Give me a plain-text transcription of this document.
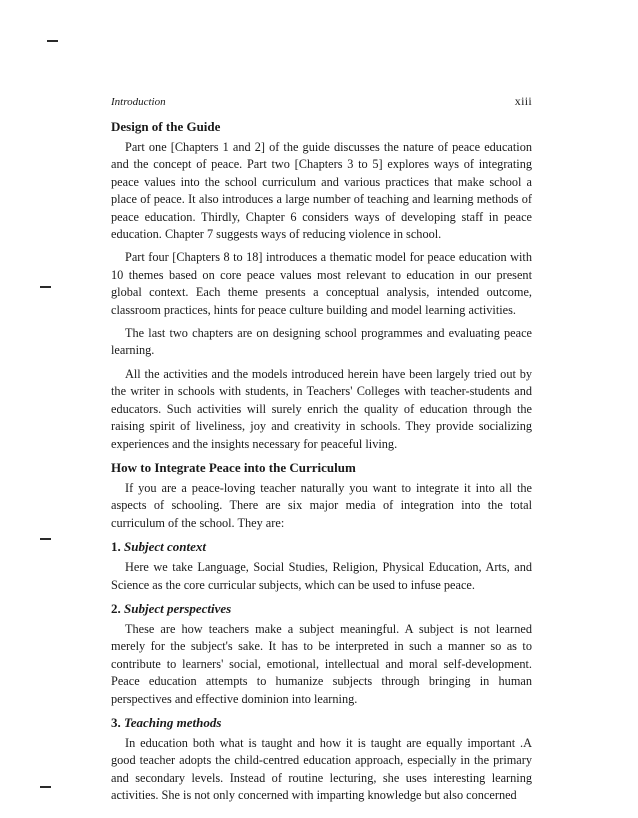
Introduction	xiii
Design of the Guide

Part one [Chapters 1 and 2] of the guide discusses the nature of peace education and the concept of peace. Part two [Chapters 3 to 5] explores ways of integrating peace values into the school curriculum and various practices that make school a place of peace. It also introduces a large number of teaching and learning methods of peace education. Thirdly, Chapter 6 considers ways of developing staff in peace education. Chapter 7 suggests ways of reducing violence in school.

Part four [Chapters 8 to 18] introduces a thematic model for peace education with 10 themes based on core peace values most relevant to education in our present global context. Each theme presents a conceptual analysis, intended outcome, classroom practices, hints for peace culture building and model learning activities.

The last two chapters are on designing school programmes and evaluating peace learning.

All the activities and the models introduced herein have been largely tried out by the writer in schools with students, in Teachers' Colleges with teacher-students and educators. Such activities will surely enrich the quality of education through the raising spirit of liveliness, joy and creativity in schools. They provide socializing experiences and the insights necessary for peaceful living.

How to Integrate Peace into the Curriculum

If you are a peace-loving teacher naturally you want to integrate it into all the aspects of schooling. There are six major media of integration into the total curriculum of the school. They are:

1. Subject context

Here we take Language, Social Studies, Religion, Physical Education, Arts, and Science as the core curricular subjects, which can be used to infuse peace.

2. Subject perspectives

These are how teachers make a subject meaningful. A subject is not learned merely for the subject's sake. It has to be interpreted in such a manner so as to contribute to learners' social, emotional, intellectual and moral self-development. Peace education attempts to humanize subjects through bringing in human perspectives and effective dominion into learning.

3. Teaching methods

In education both what is taught and how it is taught are equally important .A good teacher adopts the child-centred education approach, especially in the primary and secondary levels. Instead of routine lecturing, she uses interesting learning activities. She is not only concerned with imparting knowledge but also concerned
